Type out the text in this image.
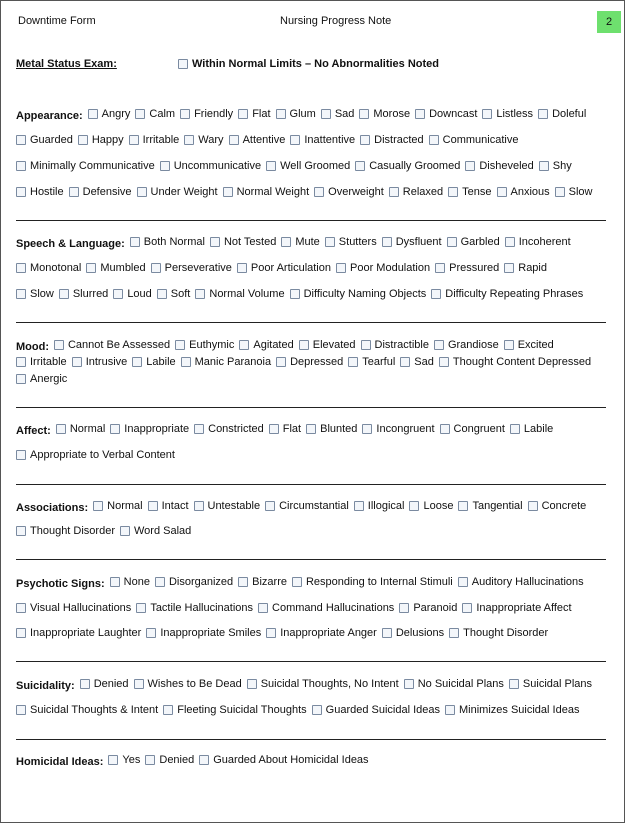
Downtime Form	Nursing Progress Note	2
Metal Status Exam:	Within Normal Limits – No Abnormalities Noted
Appearance: Angry Calm Friendly Flat Glum Sad Morose Downcast Listless Doleful
Guarded Happy Irritable Wary Attentive Inattentive Distracted Communicative
Minimally Communicative Uncommunicative Well Groomed Casually Groomed Disheveled Shy
Hostile Defensive Under Weight Normal Weight Overweight Relaxed Tense Anxious Slow
Speech & Language: Both Normal Not Tested Mute Stutters Dysfluent Garbled Incoherent
Monotonal Mumbled Perseverative Poor Articulation Poor Modulation Pressured Rapid
Slow Slurred Loud Soft Normal Volume Difficulty Naming Objects Difficulty Repeating Phrases
Mood: Cannot Be Assessed Euthymic Agitated Elevated Distractible Grandiose Excited
Irritable Intrusive Labile Manic Paranoia Depressed Tearful Sad Thought Content Depressed
Anergic
Affect: Normal Inappropriate Constricted Flat Blunted Incongruent Congruent Labile
Appropriate to Verbal Content
Associations: Normal Intact Untestable Circumstantial Illogical Loose Tangential Concrete
Thought Disorder Word Salad
Psychotic Signs: None Disorganized Bizarre Responding to Internal Stimuli Auditory Hallucinations
Visual Hallucinations Tactile Hallucinations Command Hallucinations Paranoid Inappropriate Affect
Inappropriate Laughter Inappropriate Smiles Inappropriate Anger Delusions Thought Disorder
Suicidality: Denied Wishes to Be Dead Suicidal Thoughts, No Intent No Suicidal Plans Suicidal Plans
Suicidal Thoughts & Intent Fleeting Suicidal Thoughts Guarded Suicidal Ideas Minimizes Suicidal Ideas
Homicidal Ideas: Yes Denied Guarded About Homicidal Ideas
